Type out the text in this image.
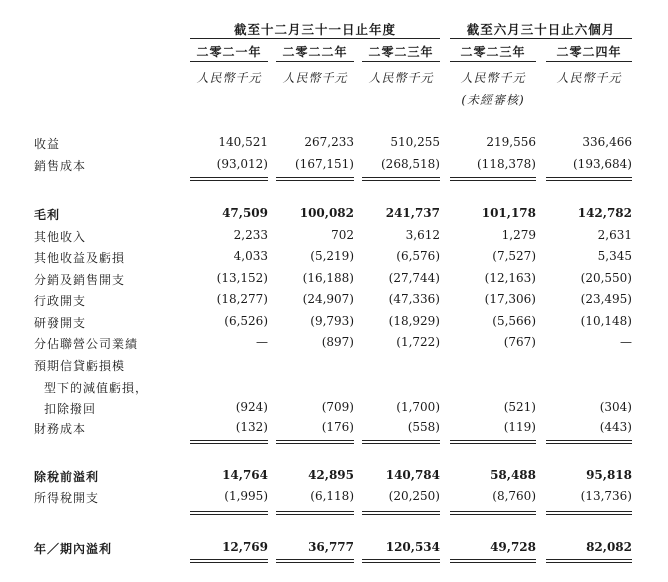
截至十二月三十一日止年度	截至六月三十日止六個月
二零二一年	二零二二年	二零二三年	二零二三年	二零二四年
人民幣千元	人民幣千元	人民幣千元	人民幣千元	人民幣千元
(未經審核)
收益	140,521	267,233	510,255	219,556	336,466
銷售成本	(93,012)	(167,151)	(268,518)	(118,378)	(193,684)
毛利	47,509	100,082	241,737	101,178	142,782
其他收入	2,233	702	3,612	1,279	2,631
其他收益及虧損	4,033	(5,219)	(6,576)	(7,527)	5,345
分銷及銷售開支	(13,152)	(16,188)	(27,744)	(12,163)	(20,550)
行政開支	(18,277)	(24,907)	(47,336)	(17,306)	(23,495)
研發開支	(6,526)	(9,793)	(18,929)	(5,566)	(10,148)
分佔聯營公司業績	—	(897)	(1,722)	(767)	—
預期信貸虧損模
型下的減值虧損，
扣除撥回	(924)	(709)	(1,700)	(521)	(304)
財務成本	(132)	(176)	(558)	(119)	(443)
除稅前溢利	14,764	42,895	140,784	58,488	95,818
所得稅開支	(1,995)	(6,118)	(20,250)	(8,760)	(13,736)
年／期內溢利	12,769	36,777	120,534	49,728	82,082
